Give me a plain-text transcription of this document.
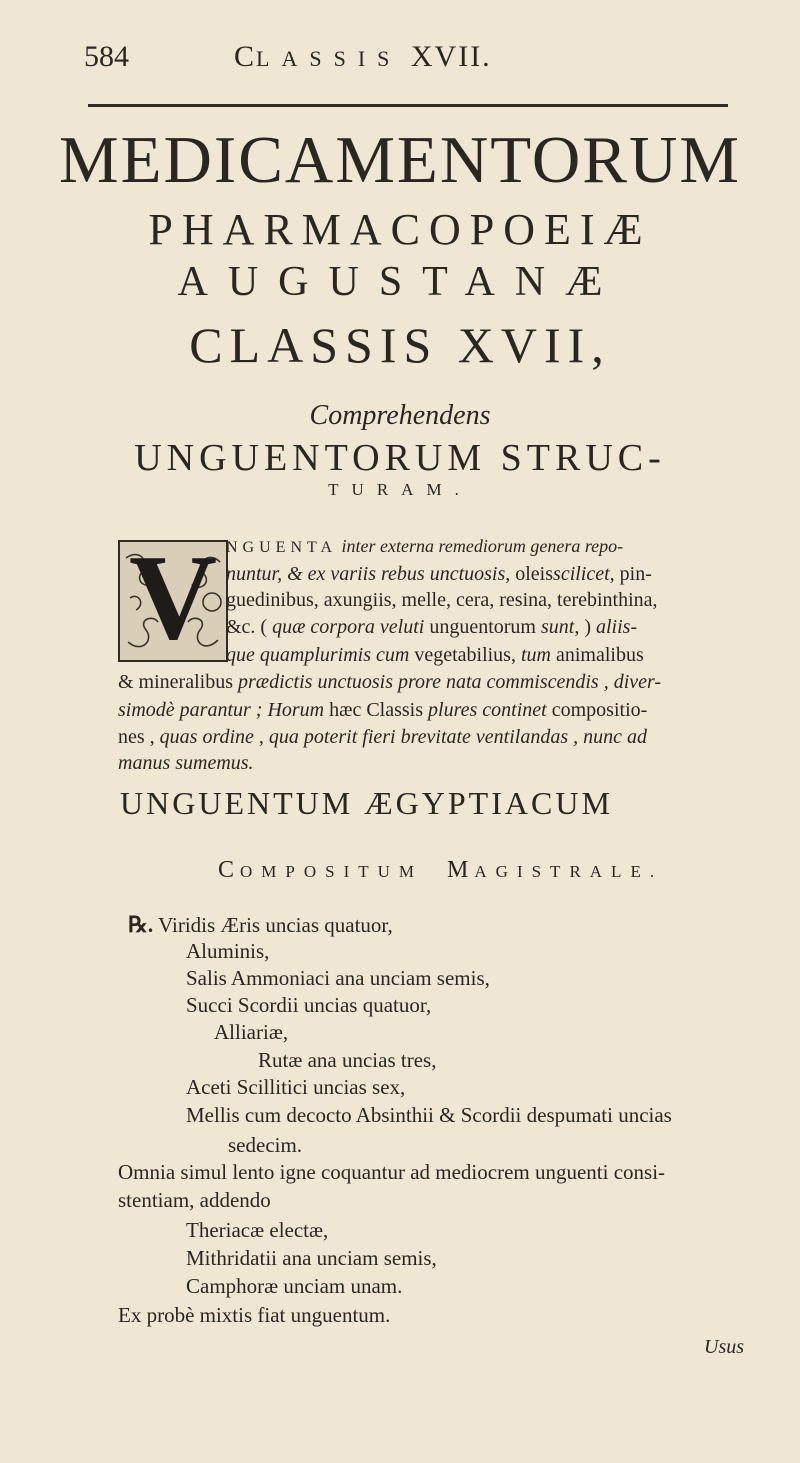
584	CLASSIS XVII.
MEDICAMENTORUM
PHARMACOPOEIÆ
AUGUSTANÆ
CLASSIS XVII,
Comprehendens
UNGUENTORUM STRUC-
TURAM.
V NGUENTA inter externa remediorum genera repo-
nuntur, & ex variis rebus unctuosis, oleisscilicet, pin-
guedinibus, axungiis, melle, cera, resina, terebinthina,
&c. ( quæ corpora veluti unguentorum sunt, ) aliis-
que quamplurimis cum vegetabilius, tum animalibus
& mineralibus prædictis unctuosis prore nata commiscendis , diver-
simodè parantur ; Horum hæc Classis plures continet compositio-
nes , quas ordine , qua poterit fieri brevitate ventilandas , nunc ad
manus sumemus.
UNGUENTUM ÆGYPTIACUM
COMPOSITUM MAGISTRALE.
℞. Viridis Æris uncias quatuor,
Aluminis,
Salis Ammoniaci ana unciam semis,
Succi Scordii uncias quatuor,
Alliariæ,
Rutæ ana uncias tres,
Aceti Scillitici uncias sex,
Mellis cum decocto Absinthii & Scordii despumati uncias
sedecim.
Omnia simul lento igne coquantur ad mediocrem unguenti consi-
stentiam, addendo
Theriacæ electæ,
Mithridatii ana unciam semis,
Camphoræ unciam unam.
Ex probè mixtis fiat unguentum.
Usus
